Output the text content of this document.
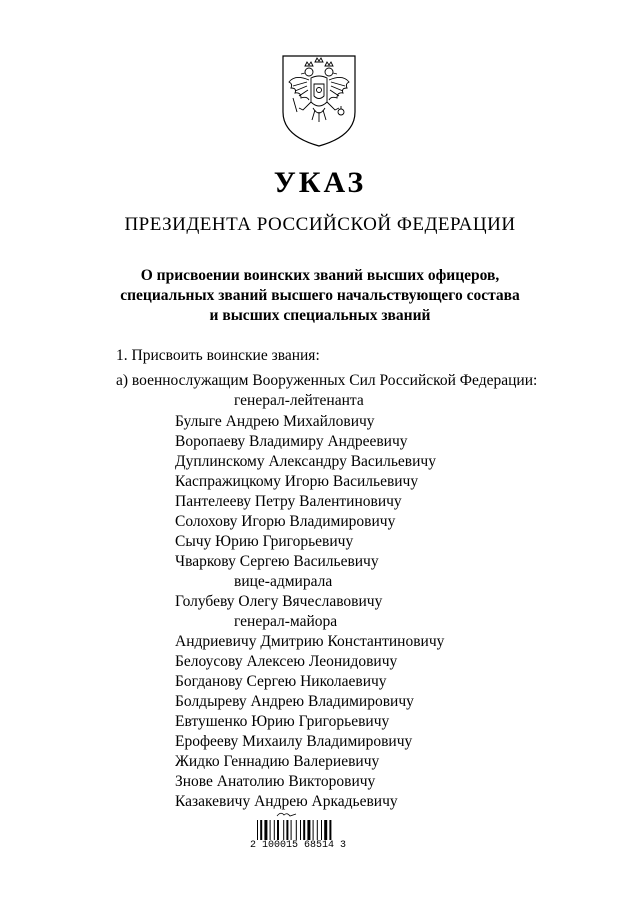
УКАЗ
ПРЕЗИДЕНТА РОССИЙСКОЙ ФЕДЕРАЦИИ
О присвоении воинских званий высших офицеров,
специальных званий высшего начальствующего состава
и высших специальных званий
1. Присвоить воинские звания:
а) военнослужащим Вооруженных Сил Российской Федерации:
генерал-лейтенанта
Булыге Андрею Михайловичу
Воропаеву Владимиру Андреевичу
Дуплинскому Александру Васильевичу
Каспражицкому Игорю Васильевичу
Пантелееву Петру Валентиновичу
Солохову Игорю Владимировичу
Сычу Юрию Григорьевичу
Чваркову Сергею Васильевичу
вице-адмирала
Голубеву Олегу Вячеславовичу
генерал-майора
Андриевичу Дмитрию Константиновичу
Белоусову Алексею Леонидовичу
Богданову Сергею Николаевичу
Болдыреву Андрею Владимировичу
Евтушенко Юрию Григорьевичу
Ерофееву Михаилу Владимировичу
Жидко Геннадию Валериевичу
Знове Анатолию Викторовичу
Казакевичу Андрею Аркадьевичу
2 100015 68514 3
